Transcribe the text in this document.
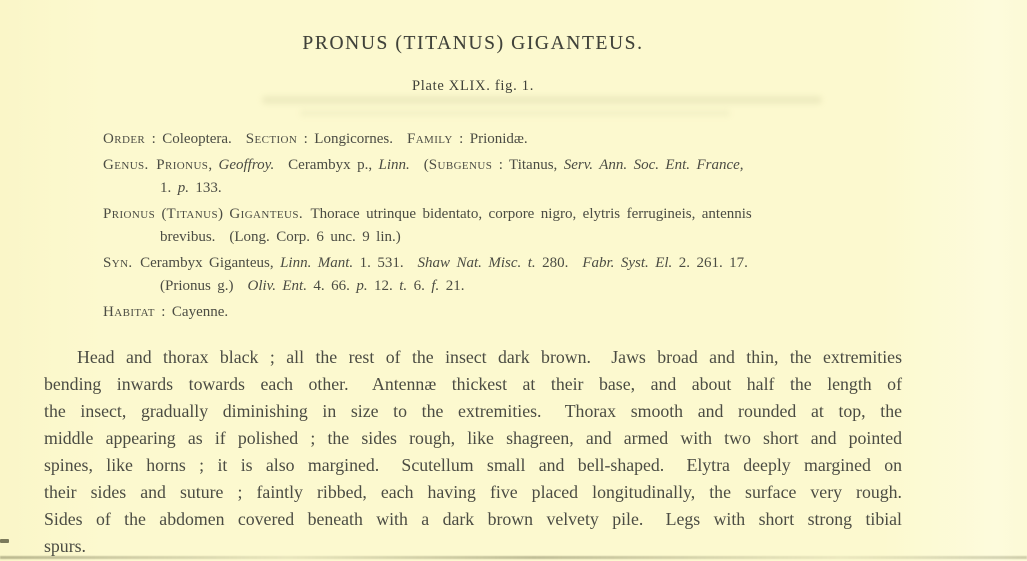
PRONUS (TITANUS) GIGANTEUS.
Plate XLIX. fig. 1.
Order : Coleoptera.  Section : Longicornes.  Family : Prionidæ.
Genus.  Prionus, Geoffroy.  Cerambyx p., Linn.  (Subgenus : Titanus, Serv. Ann. Soc. Ent. France,
1. p. 133.
Prionus (Titanus) Giganteus. Thorace utrinque bidentato, corpore nigro, elytris ferrugineis, antennis
brevibus.  (Long. Corp. 6 unc. 9 lin.)
Syn. Cerambyx Giganteus, Linn. Mant. 1. 531.  Shaw Nat. Misc. t. 280.  Fabr. Syst. El. 2. 261. 17.
(Prionus g.)  Oliv. Ent. 4. 66. p. 12. t. 6. f. 21.
Habitat : Cayenne.
Head and thorax black ; all the rest of the insect dark brown.  Jaws broad and thin, the extremities
bending inwards towards each other.  Antennæ thickest at their base, and about half the length of
the insect, gradually diminishing in size to the extremities.  Thorax smooth and rounded at top, the
middle appearing as if polished ; the sides rough, like shagreen, and armed with two short and pointed
spines, like horns ; it is also margined.  Scutellum small and bell-shaped.  Elytra deeply margined on
their sides and suture ; faintly ribbed, each having five placed longitudinally, the surface very rough.
Sides of the abdomen covered beneath with a dark brown velvety pile.  Legs with short strong tibial
spurs.
